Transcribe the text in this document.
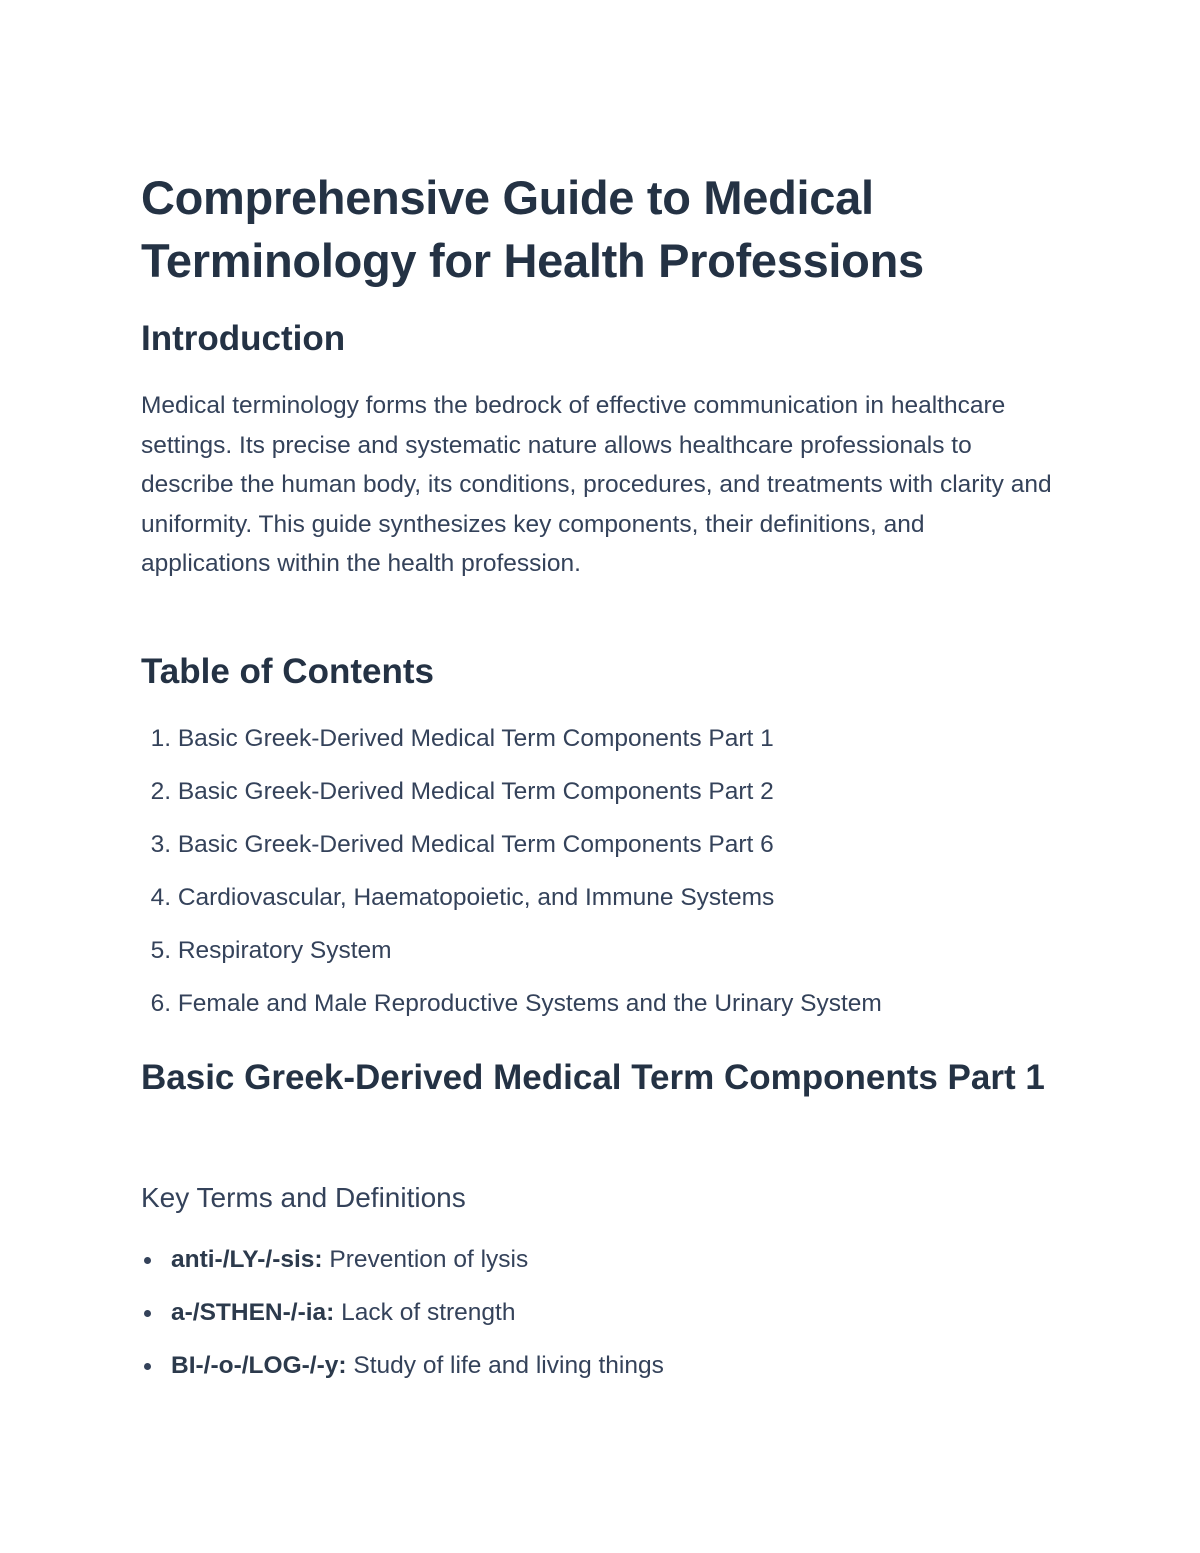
Comprehensive Guide to Medical Terminology for Health Professions
Introduction

Medical terminology forms the bedrock of effective communication in healthcare settings. Its precise and systematic nature allows healthcare professionals to describe the human body, its conditions, procedures, and treatments with clarity and uniformity. This guide synthesizes key components, their definitions, and applications within the health profession.

Table of Contents
1. Basic Greek-Derived Medical Term Components Part 1
2. Basic Greek-Derived Medical Term Components Part 2
3. Basic Greek-Derived Medical Term Components Part 6
4. Cardiovascular, Haematopoietic, and Immune Systems
5. Respiratory System
6. Female and Male Reproductive Systems and the Urinary System
Basic Greek-Derived Medical Term Components Part 1
Key Terms and Definitions
anti-/LY-/-sis: Prevention of lysis
a-/STHEN-/-ia: Lack of strength
BI-/-o-/LOG-/-y: Study of life and living things
